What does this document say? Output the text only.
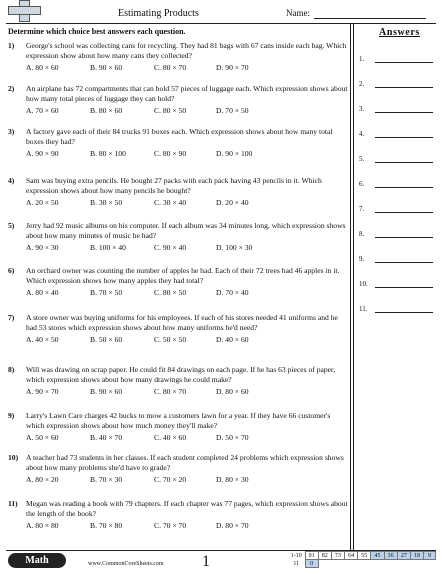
Estimating Products	Name:
Determine which choice best answers each question.
1) George's school was collecting cans for recycling. They had 81 bags with 67 cans inside each bag. Which expression show about how many cans they collected?
A. 80 × 60	B. 90 × 60	C. 80 × 70	D. 90 × 70
2) An airplane has 72 compartments that can hold 57 pieces of luggage each. Which expression shows about how many total pieces of luggage they can hold?
A. 70 × 60	B. 80 × 60	C. 80 × 50	D. 70 × 50
3) A factory gave each of their 84 trucks 91 boxes each. Which expression shows about how many total boxes they had?
A. 90 × 90	B. 80 × 100	C. 80 × 90	D. 90 × 100
4) Sam was buying extra pencils. He bought 27 packs with each pack having 43 pencils in it. Which expression shows about how many pencils he bought?
A. 20 × 50	B. 30 × 50	C. 30 × 40	D. 20 × 40
5) Jerry had 92 music albums on his computer. If each album was 34 minutes long, which expression shows about how many minutes of music he had?
A. 90 × 30	B. 100 × 40	C. 90 × 40	D. 100 × 30
6) An orchard owner was counting the number of apples he had. Each of their 72 trees had 46 apples in it. Which expression shows how many apples they had total?
A. 80 × 40	B. 70 × 50	C. 80 × 50	D. 70 × 40
7) A store owner was buying uniforms for his employees. If each of his stores needed 41 uniforms and he had 53 stores which expression shows about how many uniforms he'd need?
A. 40 × 50	B. 50 × 60	C. 50 × 50	D. 40 × 60
8) Will was drawing on scrap paper. He could fit 84 drawings on each page. If he has 63 pieces of paper, which expression shows about how many drawings he could make?
A. 90 × 70	B. 90 × 60	C. 80 × 70	D. 80 × 60
9) Larry's Lawn Care charges 42 bucks to mow a customers lawn for a year. If they have 66 customer's which expression shows about how much money they'll make?
A. 50 × 60	B. 40 × 70	C. 40 × 60	D. 50 × 70
10) A teacher had 73 students in her classes. If each student completed 24 problems which expression shows about how many problems she'd have to grade?
A. 80 × 20	B. 70 × 30	C. 70 × 20	D. 80 × 30
11) Megan was reading a book with 79 chapters. If each chapter was 77 pages, which expression shows about the length of the book?
A. 80 × 80	B. 70 × 80	C. 70 × 70	D. 80 × 70
Answers
1.
2.
3.
4.
5.
6.
7.
8.
9.
10.
11.
Math	www.CommonCoreSheets.com 1	1-10	91	82	73	64	55	45	36	27	18	9
11	0									
